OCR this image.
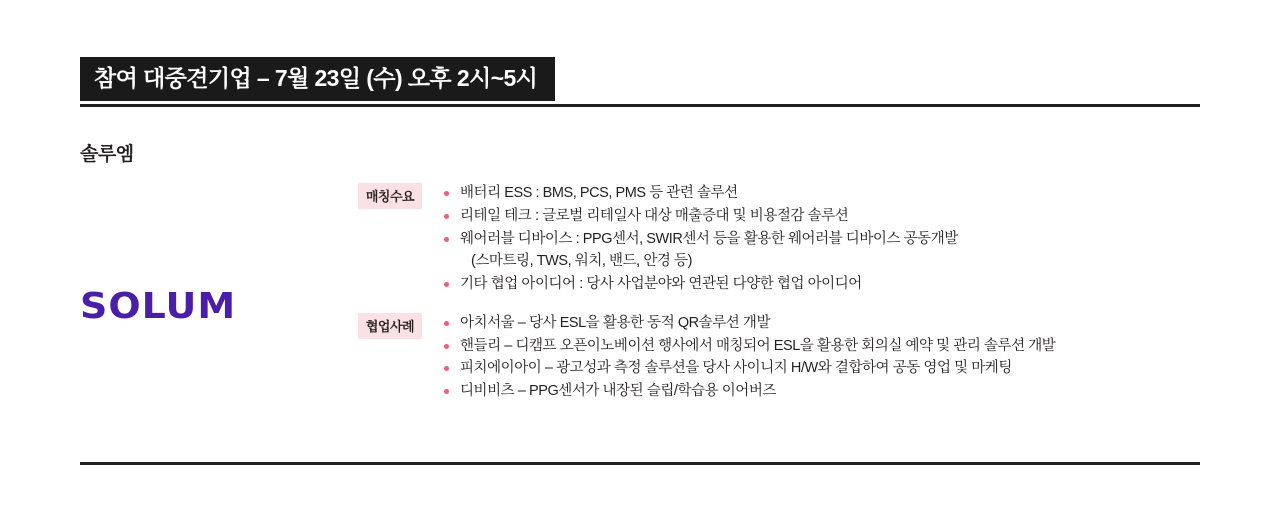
참여 대중견기업 – 7월 23일 (수) 오후 2시~5시
솔루엠
SOLUM
매칭수요	배터리 ESS : BMS, PCS, PMS 등 관련 솔루션
리테일 테크 : 글로벌 리테일사 대상 매출증대 및 비용절감 솔루션
웨어러블 디바이스 : PPG센서, SWIR센서 등을 활용한 웨어러블 디바이스 공동개발
(스마트링, TWS, 워치, 밴드, 안경 등)
기타 협업 아이디어 : 당사 사업분야와 연관된 다양한 협업 아이디어
협업사례	아치서울 – 당사 ESL을 활용한 동적 QR솔루션 개발
핸들리 – 디캠프 오픈이노베이션 행사에서 매칭되어 ESL을 활용한 회의실 예약 및 관리 솔루션 개발
피치에이아이 – 광고성과 측정 솔루션을 당사 사이니지 H/W와 결합하여 공동 영업 및 마케팅
디비비츠 – PPG센서가 내장된 슬립/학습용 이어버즈
